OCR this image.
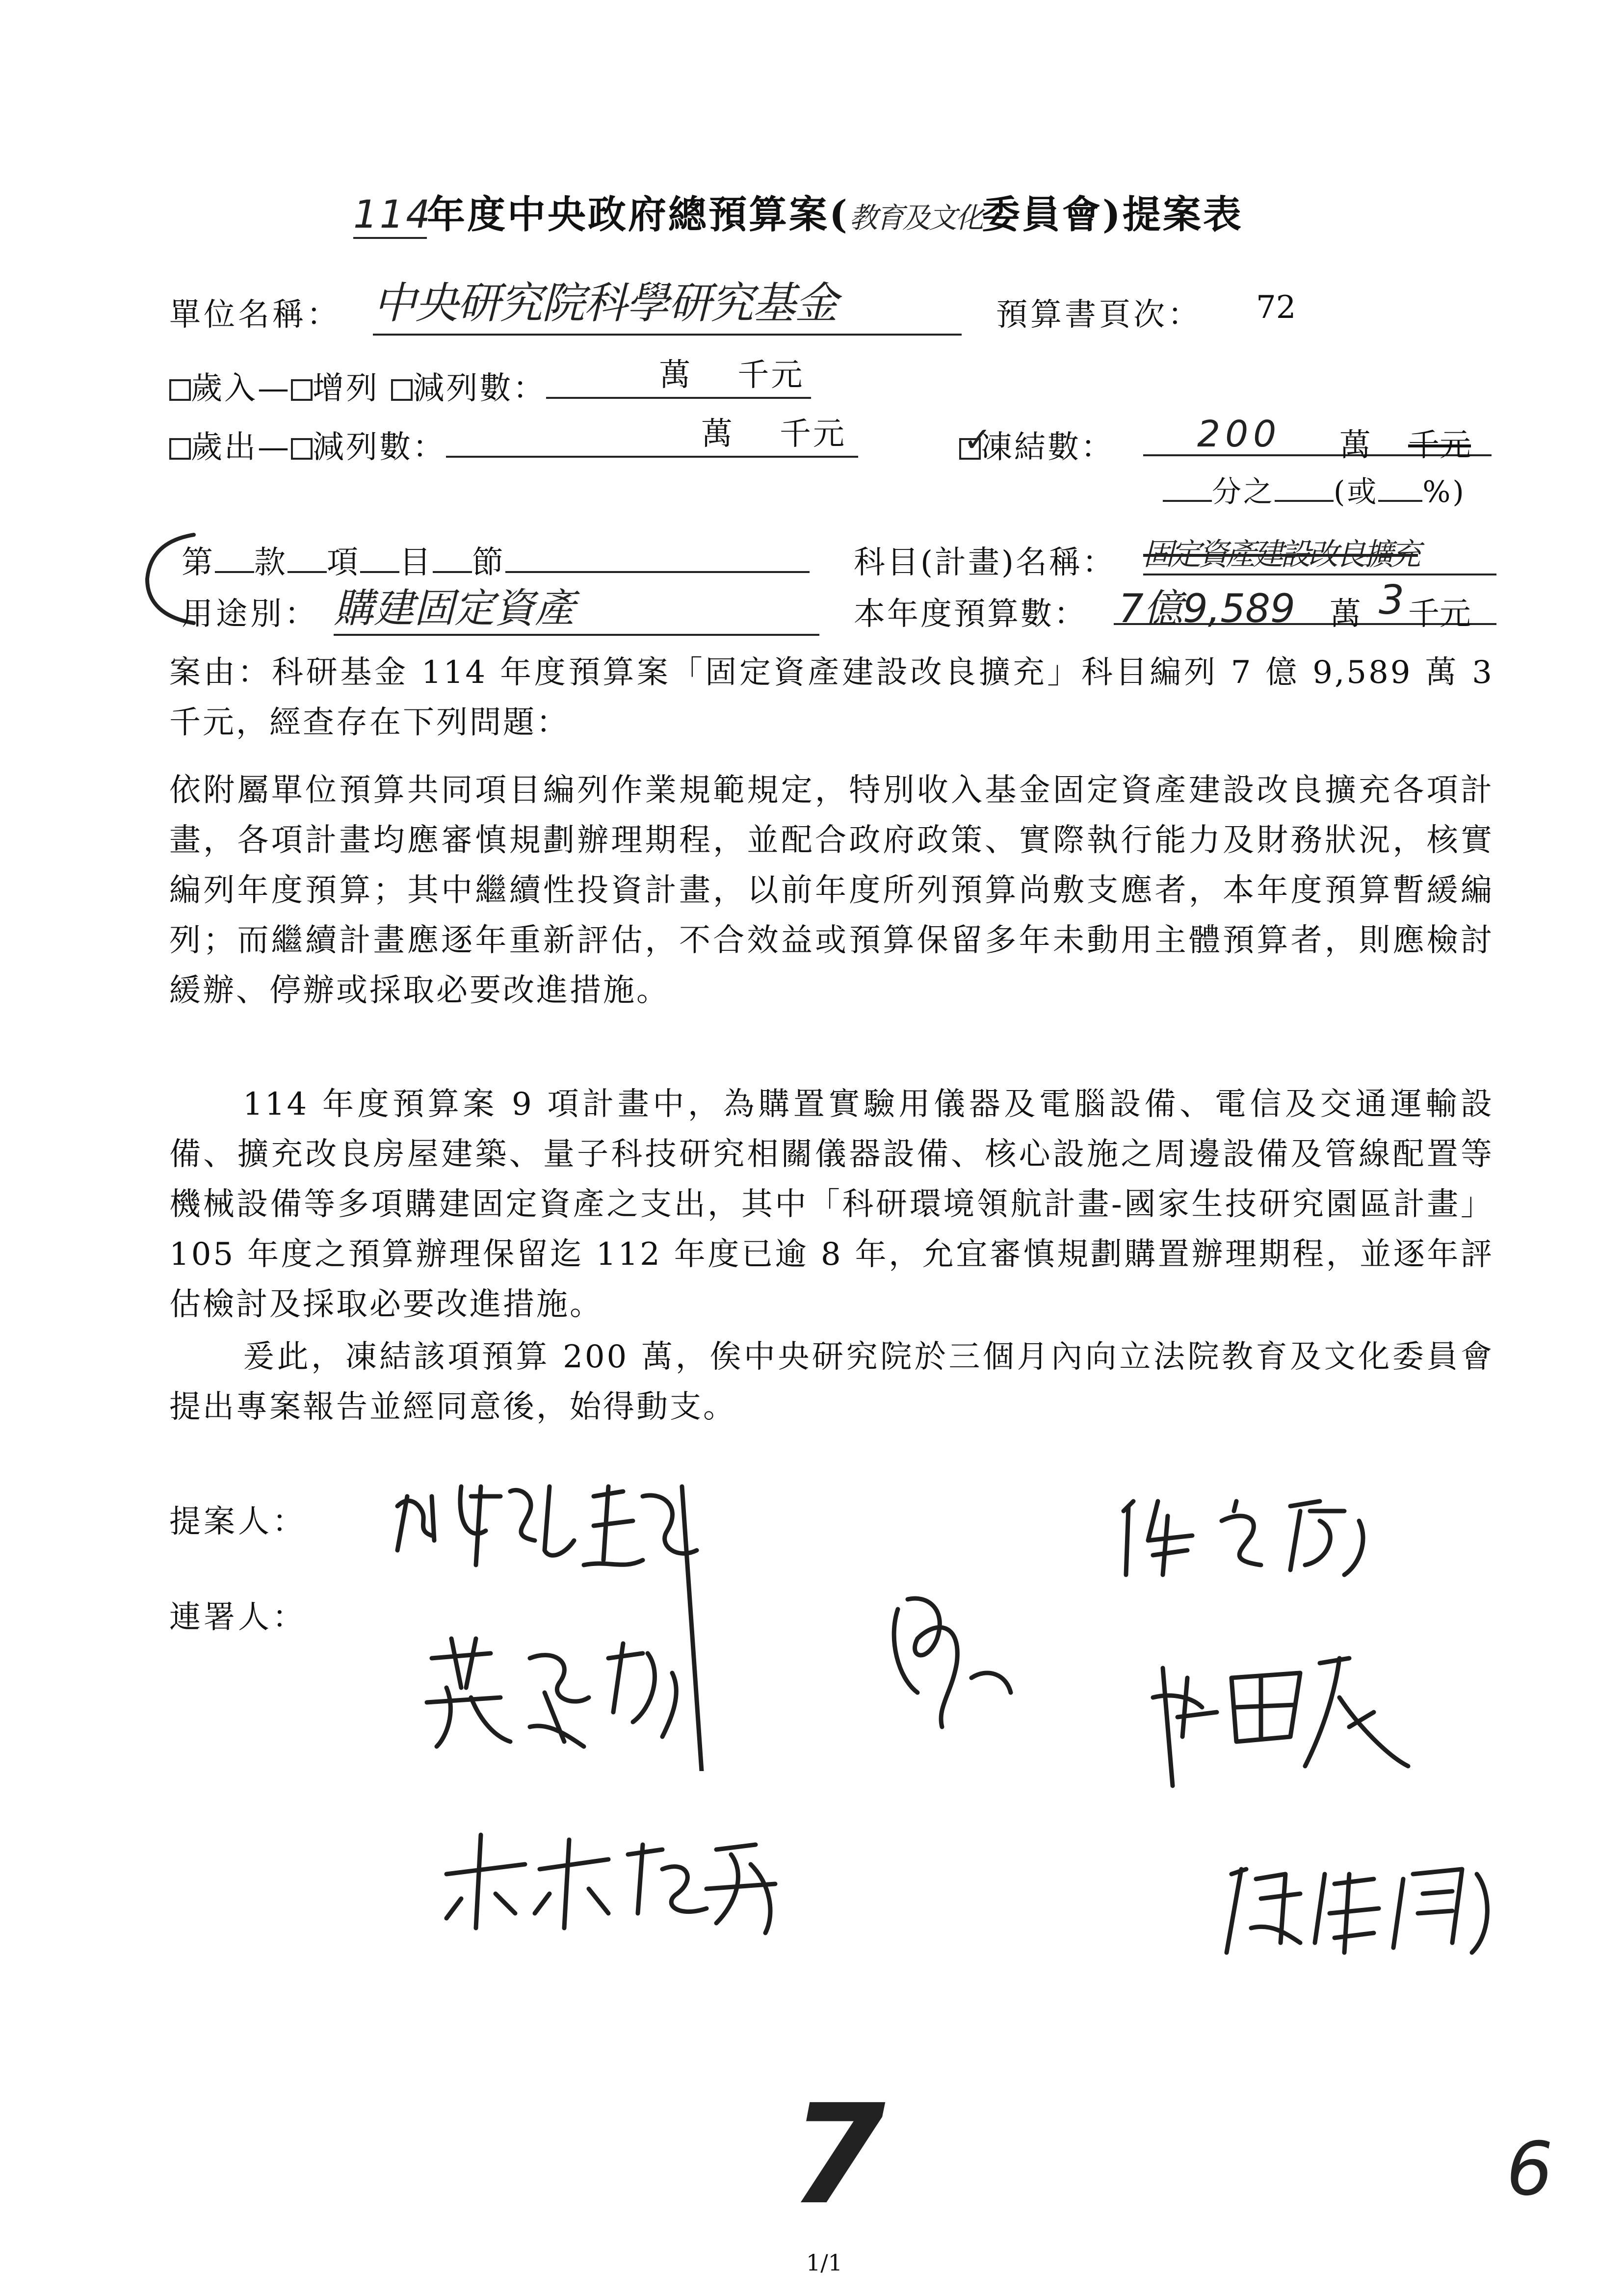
114年度中央政府總預算案(教育及文化委員會)提案表
單位名稱： 中央研究院科學研究基金	預算書頁次： 72
歲入— 增列 減列數：	萬 千元
歲出— 減列數：	萬 千元
✓	凍結數： 200 萬 千元
分之 (或 %)
第 款 項 目 節	科目(計畫)名稱： 固定資產建設改良擴充
用途別： 購建固定資產	本年度預算數： 7億9,589 萬 3 千元
案由：科研基金 114 年度預算案「固定資產建設改良擴充」科目編列 7 億 9,589 萬 3 千元，經查存在下列問題：
依附屬單位預算共同項目編列作業規範規定，特別收入基金固定資產建設改良擴充各項計畫，各項計畫均應審慎規劃辦理期程，並配合政府政策、實際執行能力及財務狀況，核實編列年度預算；其中繼續性投資計畫，以前年度所列預算尚敷支應者，本年度預算暫緩編列；而繼續計畫應逐年重新評估，不合效益或預算保留多年未動用主體預算者，則應檢討緩辦、停辦或採取必要改進措施。
114 年度預算案 9 項計畫中，為購置實驗用儀器及電腦設備、電信及交通運輸設備、擴充改良房屋建築、量子科技研究相關儀器設備、核心設施之周邊設備及管線配置等機械設備等多項購建固定資產之支出，其中「科研環境領航計畫-國家生技研究園區計畫」105 年度之預算辦理保留迄 112 年度已逾 8 年，允宜審慎規劃購置辦理期程，並逐年評估檢討及採取必要改進措施。
爰此，凍結該項預算 200 萬，俟中央研究院於三個月內向立法院教育及文化委員會提出專案報告並經同意後，始得動支。
提案人：
連署人：
7	6
1/1
